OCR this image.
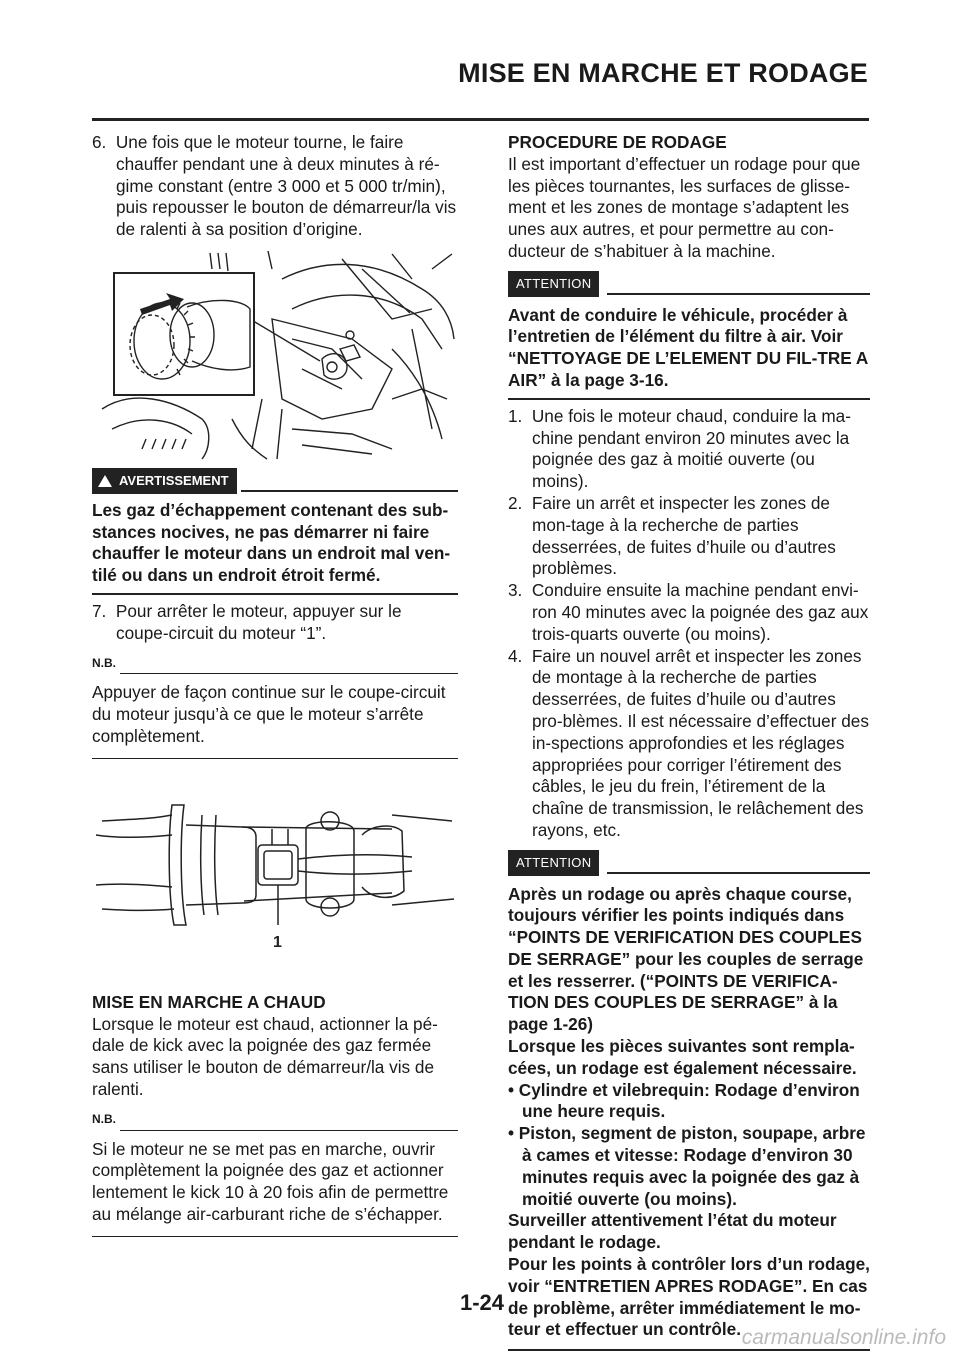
MISE EN MARCHE ET RODAGE

6.  Une fois que le moteur tourne, le faire chauffer pendant une à deux minutes à ré-gime constant (entre 3 000 et 5 000 tr/min), puis repousser le bouton de démarreur/la vis de ralenti à sa position d’origine.

AVERTISSEMENT

Les gaz d’échappement contenant des sub-stances nocives, ne pas démarrer ni faire chauffer le moteur dans un endroit mal ven-tilé ou dans un endroit étroit fermé.

7.  Pour arrêter le moteur, appuyer sur le coupe-circuit du moteur “1”.

N.B.

Appuyer de façon continue sur le coupe-circuit du moteur jusqu’à ce que le moteur s’arrête complètement.

1

MISE EN MARCHE A CHAUD

Lorsque le moteur est chaud, actionner la pé-dale de kick avec la poignée des gaz fermée sans utiliser le bouton de démarreur/la vis de ralenti.

N.B.

Si le moteur ne se met pas en marche, ouvrir complètement la poignée des gaz et actionner lentement le kick 10 à 20 fois afin de permettre au mélange air-carburant riche de s’échapper.

PROCEDURE DE RODAGE

Il est important d’effectuer un rodage pour que les pièces tournantes, les surfaces de glisse-ment et les zones de montage s’adaptent les unes aux autres, et pour permettre au con-ducteur de s’habituer à la machine.

ATTENTION

Avant de conduire le véhicule, procéder à l’entretien de l’élément du filtre à air. Voir “NETTOYAGE DE L’ELEMENT DU FIL-TRE A AIR” à la page 3-16.

1.  Une fois le moteur chaud, conduire la ma-chine pendant environ 20 minutes avec la poignée des gaz à moitié ouverte (ou moins).

2.  Faire un arrêt et inspecter les zones de mon-tage à la recherche de parties desserrées, de fuites d’huile ou d’autres problèmes.

3.  Conduire ensuite la machine pendant envi-ron 40 minutes avec la poignée des gaz aux trois-quarts ouverte (ou moins).

4.  Faire un nouvel arrêt et inspecter les zones de montage à la recherche de parties desserrées, de fuites d’huile ou d’autres pro-blèmes. Il est nécessaire d’effectuer des in-spections approfondies et les réglages appropriées pour corriger l’étirement des câbles, le jeu du frein, l’étirement de la chaîne de transmission, le relâchement des rayons, etc.

ATTENTION

Après un rodage ou après chaque course, toujours vérifier les points indiqués dans “POINTS DE VERIFICATION DES COUPLES DE SERRAGE” pour les couples de serrage et les resserrer. (“POINTS DE VERIFICA-TION DES COUPLES DE SERRAGE” à la page 1-26)

Lorsque les pièces suivantes sont rempla-cées, un rodage est également nécessaire.

• Cylindre et vilebrequin: Rodage d’environ une heure requis.

• Piston, segment de piston, soupape, arbre à cames et vitesse: Rodage d’environ 30 minutes requis avec la poignée des gaz à moitié ouverte (ou moins).

Surveiller attentivement l’état du moteur pendant le rodage.

Pour les points à contrôler lors d’un rodage, voir “ENTRETIEN APRES RODAGE”. En cas de problème, arrêter immédiatement le mo-teur et effectuer un contrôle.

1-24
carmanualsonline.info
